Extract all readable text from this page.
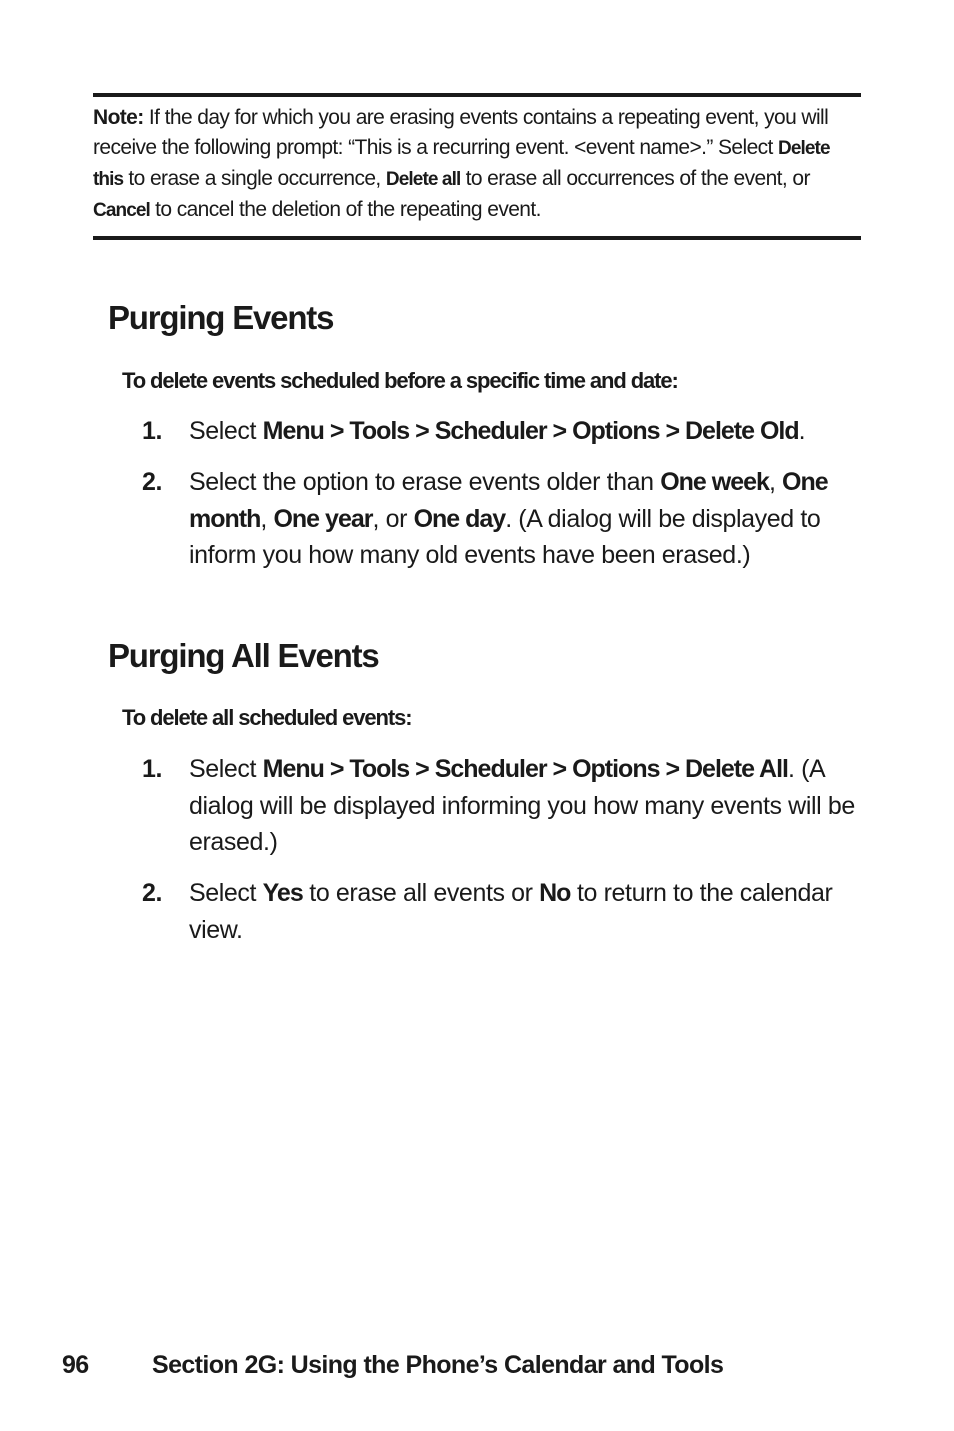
Note: If the day for which you are erasing events contains a repeating event, you will receive the following prompt: “This is a recurring event. <event name>.” Select Delete this to erase a single occurrence, Delete all to erase all occurrences of the event, or Cancel to cancel the deletion of the repeating event.
Purging Events

To delete events scheduled before a specific time and date:

1.	Select Menu > Tools > Scheduler > Options > Delete Old.
2.	Select the option to erase events older than One week, One month, One year, or One day. (A dialog will be displayed to inform you how many old events have been erased.)
Purging All Events

To delete all scheduled events:

1.	Select Menu > Tools > Scheduler > Options > Delete All. (A dialog will be displayed informing you how many events will be erased.)
2.	Select Yes to erase all events or No to return to the calendar view.
96	Section 2G: Using the Phone’s Calendar and Tools
